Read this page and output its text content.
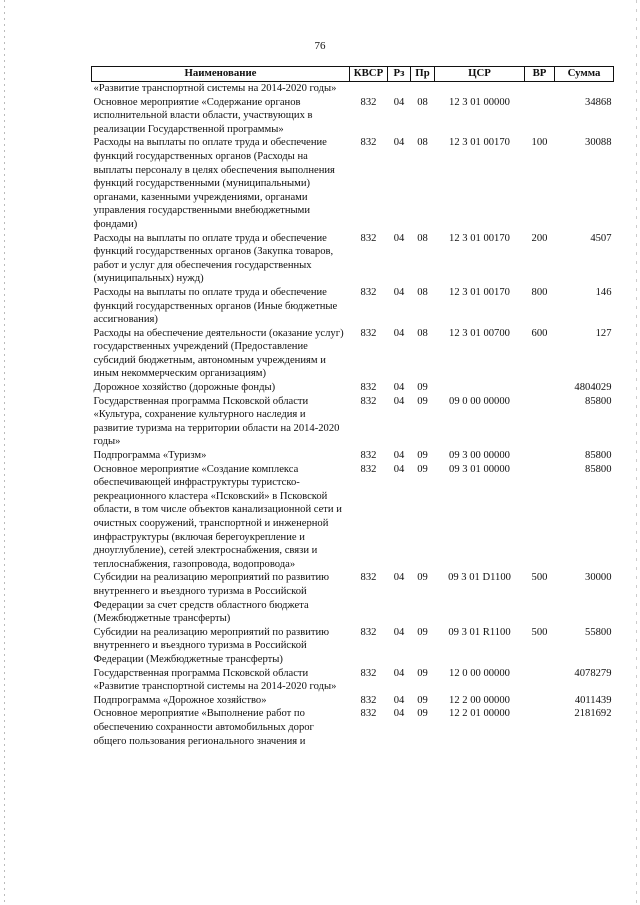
76
Наименование	КВСР	Рз	Пр	ЦСР	ВР	Сумма
«Развитие транспортной системы на 2014-2020 годы»						
Основное мероприятие «Содержание органов исполнительной власти области, участвующих в реализации Государственной программы»	832	04	08	12 3 01 00000		34868
Расходы на выплаты по оплате труда и обеспечение функций государственных органов (Расходы на выплаты персоналу в целях обеспечения выполнения функций государственными (муниципальными) органами, казенными учреждениями, органами управления государственными внебюджетными фондами)	832	04	08	12 3 01 00170	100	30088
Расходы на выплаты по оплате труда и обеспечение функций государственных органов (Закупка товаров, работ и услуг для обеспечения государственных (муниципальных) нужд)	832	04	08	12 3 01 00170	200	4507
Расходы на выплаты по оплате труда и обеспечение функций государственных органов (Иные бюджетные ассигнования)	832	04	08	12 3 01 00170	800	146
Расходы на обеспечение деятельности (оказание услуг) государственных учреждений (Предоставление субсидий бюджетным, автономным учреждениям и иным некоммерческим организациям)	832	04	08	12 3 01 00700	600	127
Дорожное хозяйство (дорожные фонды)	832	04	09			4804029
Государственная программа Псковской области «Культура, сохранение культурного наследия и развитие туризма на территории области на 2014-2020 годы»	832	04	09	09 0 00 00000		85800
Подпрограмма «Туризм»	832	04	09	09 3 00 00000		85800
Основное мероприятие «Создание комплекса обеспечивающей инфраструктуры туристско-рекреационного кластера «Псковский» в Псковской области, в том числе объектов канализационной сети и очистных сооружений, транспортной и инженерной инфраструктуры (включая берегоукрепление и дноуглубление), сетей электроснабжения, связи и теплоснабжения, газопровода, водопровода»	832	04	09	09 3 01 00000		85800
Субсидии на реализацию мероприятий по развитию внутреннего и въездного туризма в Российской Федерации за счет средств областного бюджета (Межбюджетные трансферты)	832	04	09	09 3 01 D1100	500	30000
Субсидии на реализацию мероприятий по развитию внутреннего и въездного туризма в Российской Федерации (Межбюджетные трансферты)	832	04	09	09 3 01 R1100	500	55800
Государственная программа Псковской области «Развитие транспортной системы на 2014-2020 годы»	832	04	09	12 0 00 00000		4078279
Подпрограмма «Дорожное хозяйство»	832	04	09	12 2 00 00000		4011439
Основное мероприятие «Выполнение работ по обеспечению сохранности автомобильных дорог общего пользования регионального значения и	832	04	09	12 2 01 00000		2181692
